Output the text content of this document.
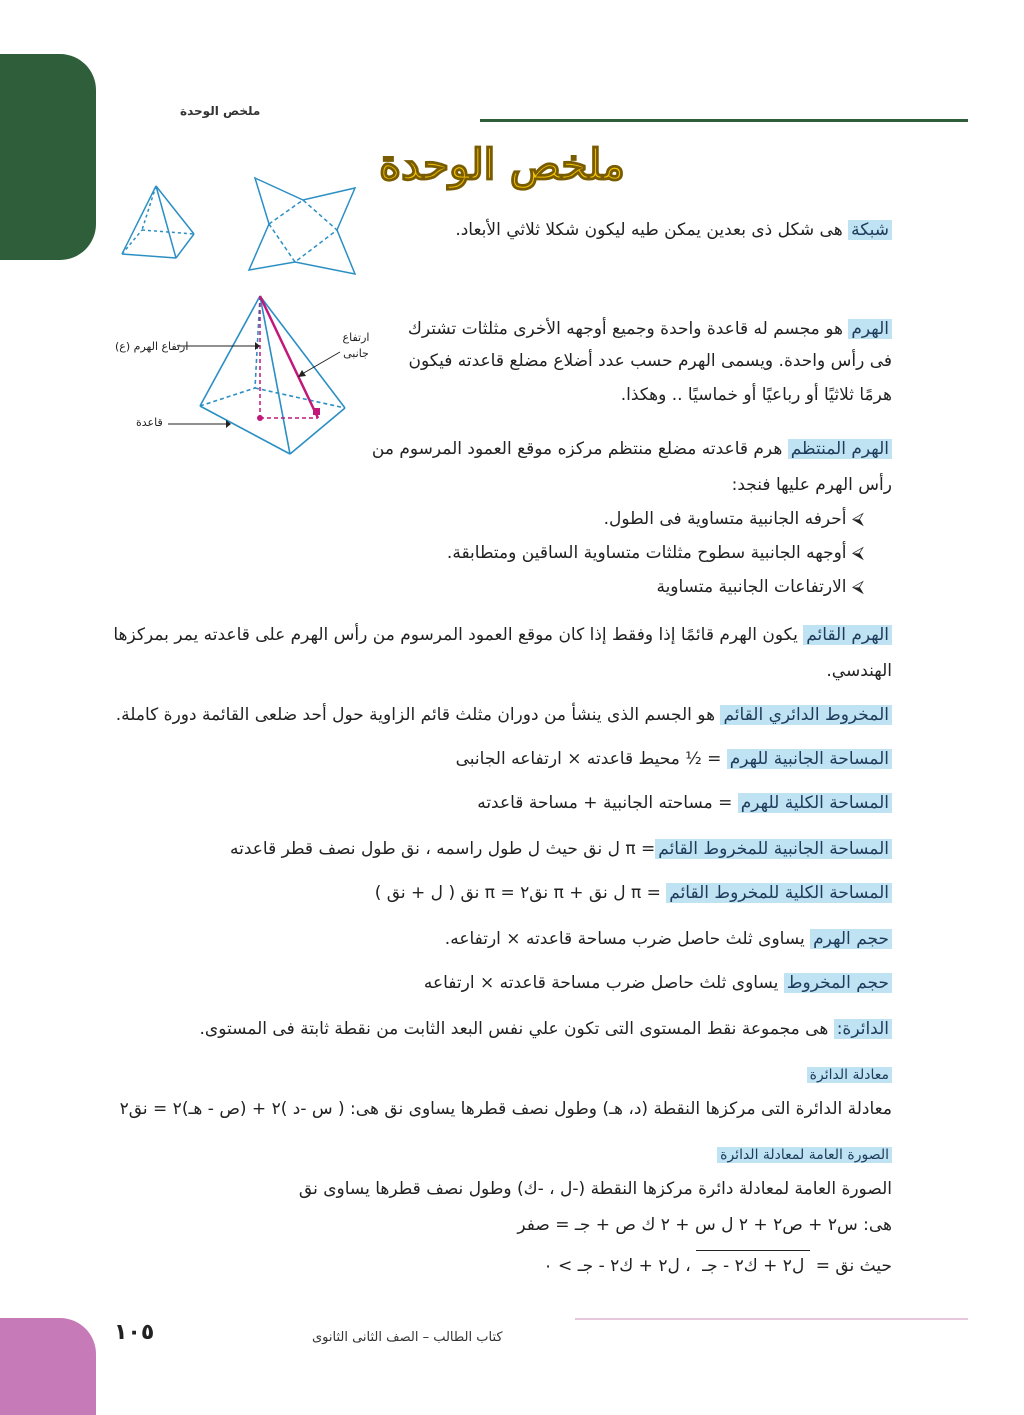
ملخص الوحدة
ملخص الوحدة
ارتفاع الهرم (ع)
ارتفاع جانبى
قاعدة
شبكة هى شكل ذى بعدين يمكن طيه ليكون شكلا ثلاثي الأبعاد.
الهرم هو مجسم له قاعدة واحدة وجميع أوجهه الأخرى مثلثات تشترك
فى رأس واحدة. ويسمى الهرم حسب عدد أضلاع مضلع قاعدته فيكون
هرمًا ثلاثيًا أو رباعيًا أو خماسيًا .. وهكذا.
الهرم المنتظم هرم قاعدته مضلع منتظم مركزه موقع العمود المرسوم من
رأس الهرم عليها فنجد:
⮘ أحرفه الجانبية متساوية فى الطول.
⮘ أوجهه الجانبية سطوح مثلثات متساوية الساقين ومتطابقة.
⮘ الارتفاعات الجانبية متساوية
الهرم القائم يكون الهرم قائمًا إذا وفقط إذا كان موقع العمود المرسوم من رأس الهرم على قاعدته يمر بمركزها
الهندسي.
المخروط الدائري القائم هو الجسم الذى ينشأ من دوران مثلث قائم الزاوية حول أحد ضلعى القائمة دورة كاملة.
المساحة الجانبية للهرم = ½ محيط قاعدته × ارتفاعه الجانبى
المساحة الكلية للهرم = مساحته الجانبية + مساحة قاعدته
المساحة الجانبية للمخروط القائم= π ل نق حيث ل طول راسمه ، نق طول نصف قطر قاعدته
المساحة الكلية للمخروط القائم = π ل نق + π نق٢ = π نق ( ل + نق )
حجم الهرم يساوى ثلث حاصل ضرب مساحة قاعدته × ارتفاعه.
حجم المخروط يساوى ثلث حاصل ضرب مساحة قاعدته × ارتفاعه
الدائرة: هى مجموعة نقط المستوى التى تكون علي نفس البعد الثابت من نقطة ثابتة فى المستوى.
معادلة الدائرة
معادلة الدائرة التى مركزها النقطة (د، هـ) وطول نصف قطرها يساوى نق هى: ( س -د )٢ + (ص - هـ)٢ = نق٢
الصورة العامة لمعادلة الدائرة
الصورة العامة لمعادلة دائرة مركزها النقطة (-ل ، -ك) وطول نصف قطرها يساوى نق
هى: س٢ + ص٢ + ٢ ل س + ٢ ك ص + جـ = صفر
حيث نق = ل٢ + ك٢ - جـ ، ل٢ + ك٢ - جـ > ٠
١٠٥	كتاب الطالب – الصف الثانى الثانوى
